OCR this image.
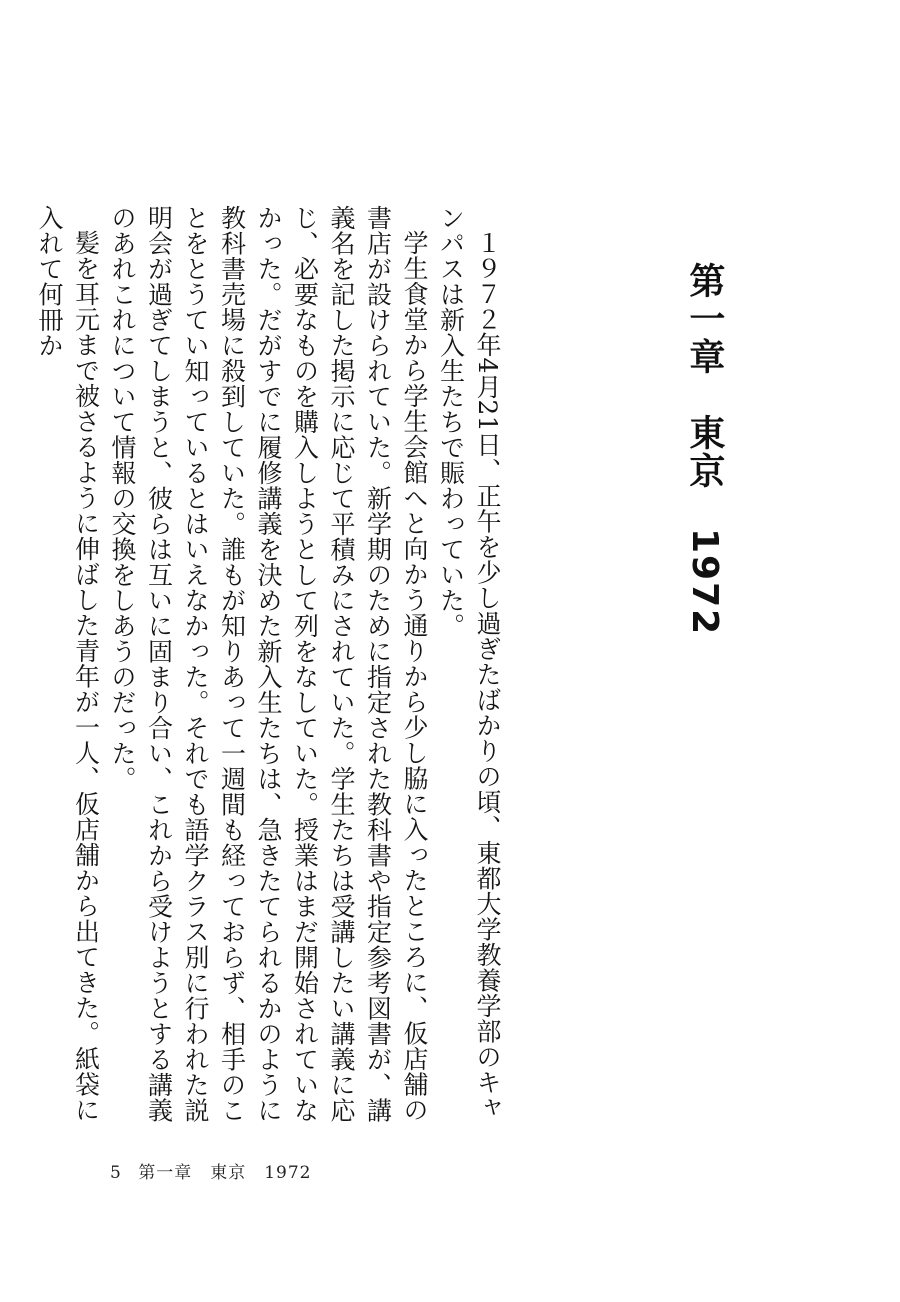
第一章　東京　1972

１９７２年4月21日、正午を少し過ぎたばかりの頃、東都大学教養学部のキャンパスは新入生たちで賑わっていた。

学生食堂から学生会館へと向かう通りから少し脇に入ったところに、仮店舗の書店が設けられていた。新学期のために指定された教科書や指定参考図書が、講義名を記した掲示に応じて平積みにされていた。学生たちは受講したい講義に応じ、必要なものを購入しようとして列をなしていた。授業はまだ開始されていなかった。だがすでに履修講義を決めた新入生たちは、急きたてられるかのように教科書売場に殺到していた。誰もが知りあって一週間も経っておらず、相手のことをとうてい知っているとはいえなかった。それでも語学クラス別に行われた説明会が過ぎてしまうと、彼らは互いに固まり合い、これから受けようとする講義のあれこれについて情報の交換をしあうのだった。

髪を耳元まで被さるように伸ばした青年が一人、仮店舗から出てきた。紙袋に入れて何冊か

5 第一章　東京　1972
